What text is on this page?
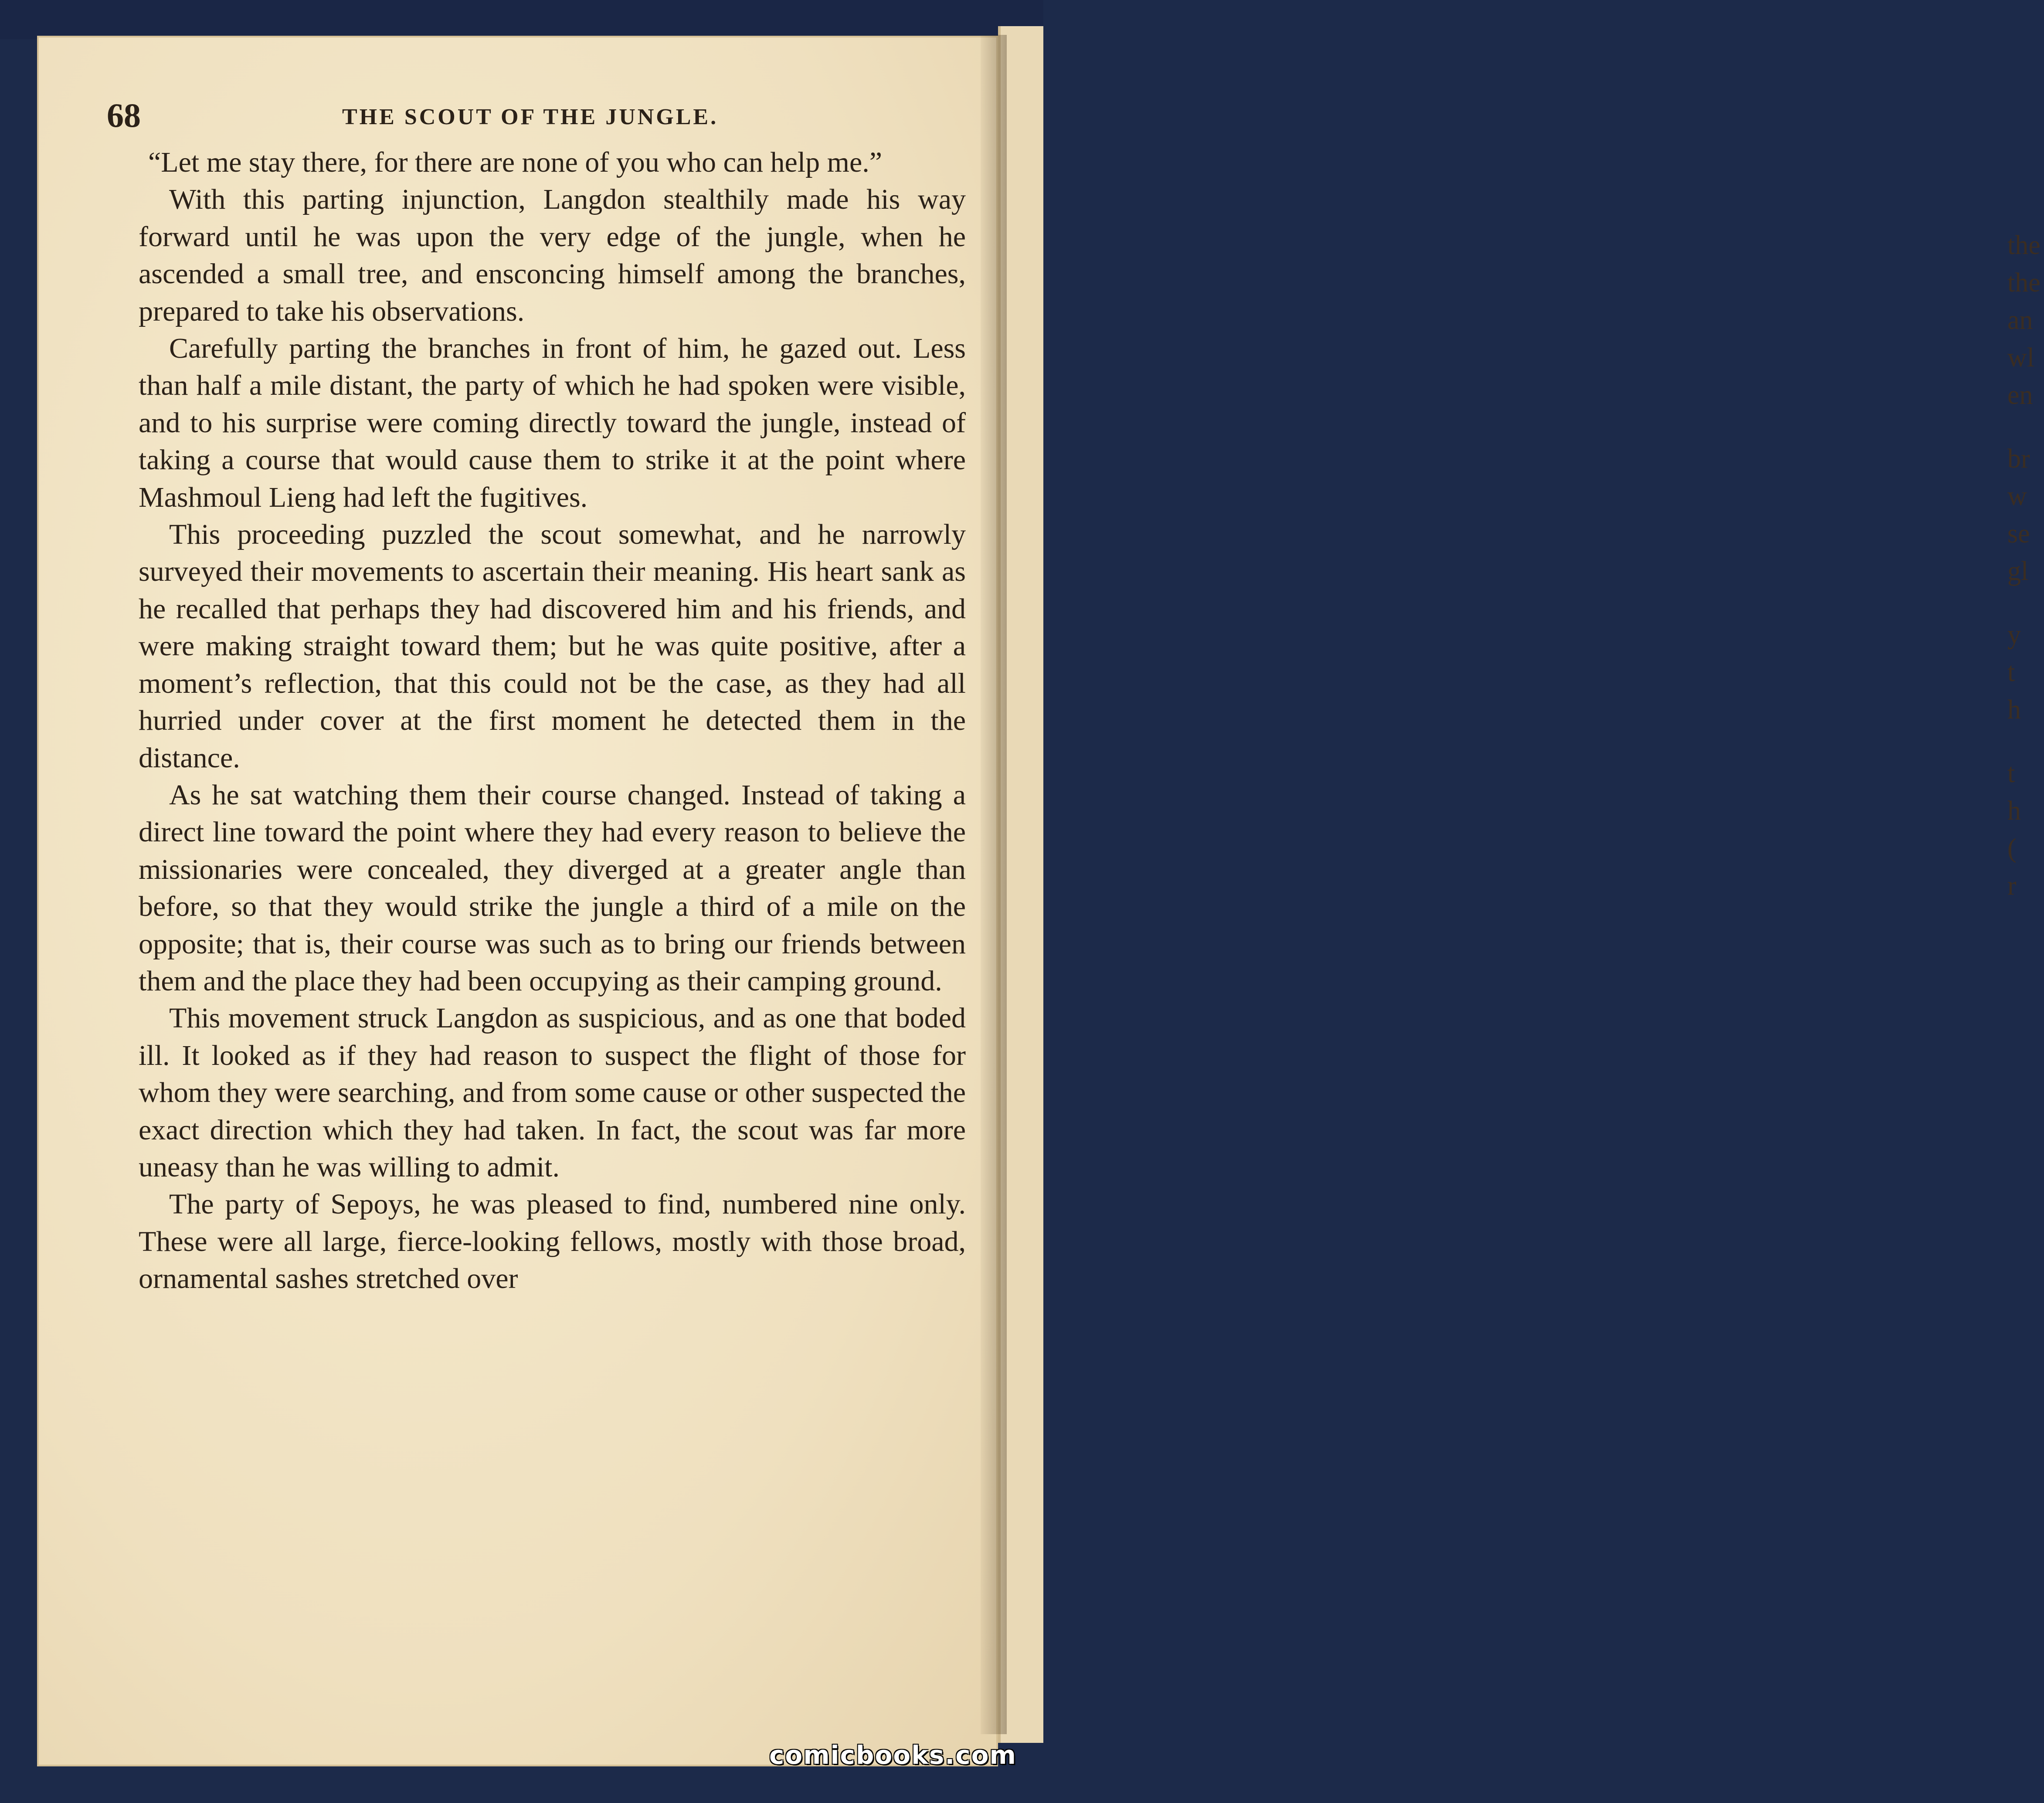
the
the
an
wl
en
br
w
se
gl
y
t
h
t
h
(
r
68	THE SCOUT OF THE JUNGLE.

“Let me stay there, for there are none of you who can help me.”

With this parting injunction, Langdon stealthily made his way forward until he was upon the very edge of the jungle, when he ascended a small tree, and ensconcing himself among the branches, prepared to take his observations.

Carefully parting the branches in front of him, he gazed out. Less than half a mile distant, the party of which he had spoken were visible, and to his surprise were coming directly toward the jungle, instead of taking a course that would cause them to strike it at the point where Mashmoul Lieng had left the fugitives.

This proceeding puzzled the scout somewhat, and he narrowly surveyed their movements to ascertain their meaning. His heart sank as he recalled that perhaps they had discovered him and his friends, and were making straight toward them; but he was quite positive, after a moment’s reflection, that this could not be the case, as they had all hurried under cover at the first moment he detected them in the distance.

As he sat watching them their course changed. Instead of taking a direct line toward the point where they had every reason to believe the missionaries were concealed, they diverged at a greater angle than before, so that they would strike the jungle a third of a mile on the opposite; that is, their course was such as to bring our friends between them and the place they had been occupying as their camping ground.

This movement struck Langdon as suspicious, and as one that boded ill. It looked as if they had reason to suspect the flight of those for whom they were searching, and from some cause or other suspected the exact direction which they had taken. In fact, the scout was far more uneasy than he was willing to admit.

The party of Sepoys, he was pleased to find, numbered nine only. These were all large, fierce-looking fellows, mostly with those broad, ornamental sashes stretched over

comicbooks.com
